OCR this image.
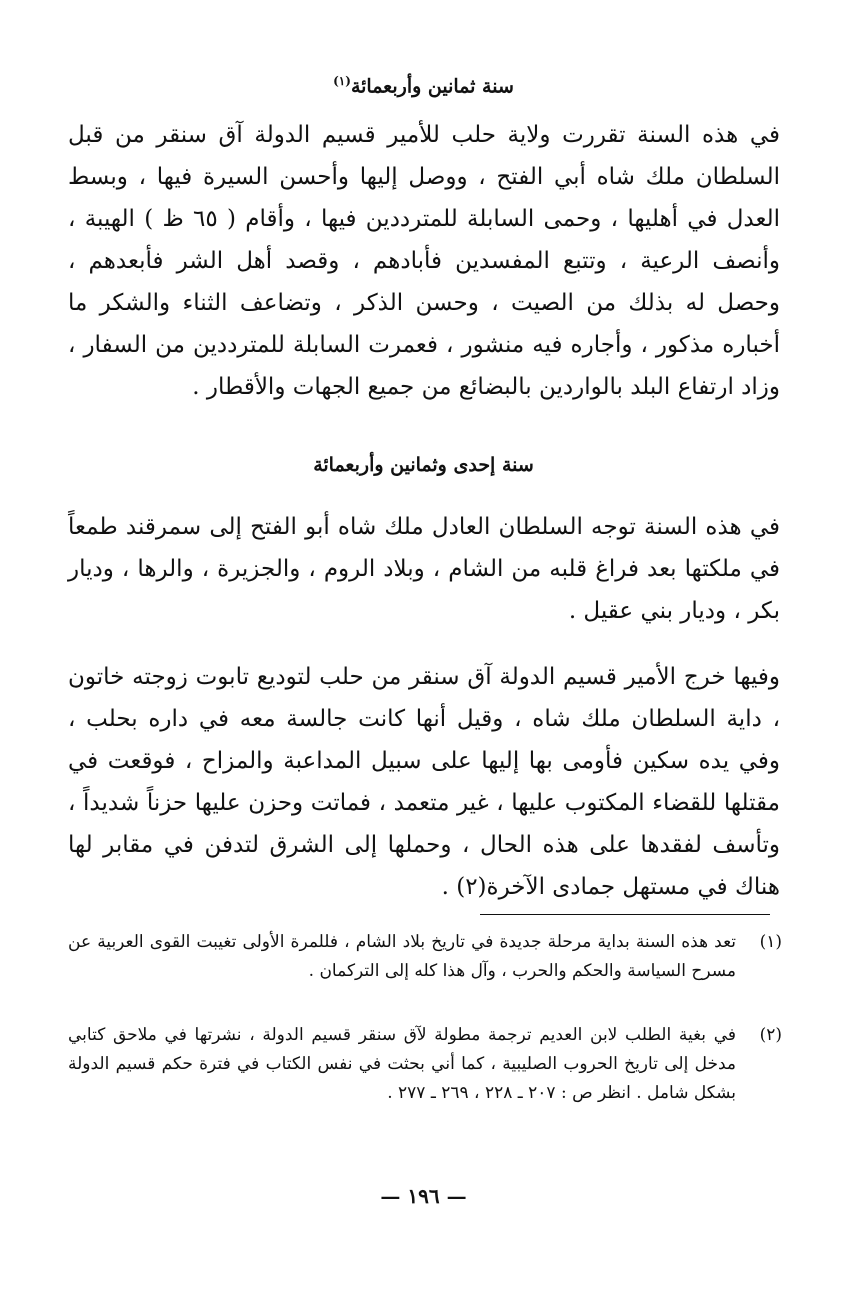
سنة ثمانين وأربعمائة$^{(١)}$

في هذه السنة تقررت ولاية حلب للأمير قسيم الدولة آق سنقر من قبل السلطان ملك شاه أبي الفتح ، ووصل إليها وأحسن السيرة فيها ، وبسط العدل في أهليها ، وحمى السابلة للمترددين فيها ، وأقام ( ٦٥ ظ ) الهيبة ، وأنصف الرعية ، وتتبع المفسدين فأبادهم ، وقصد أهل الشر فأبعدهم ، وحصل له بذلك من الصيت ، وحسن الذكر ، وتضاعف الثناء والشكر ما أخباره مذكور ، وأجاره فيه منشور ، فعمرت السابلة للمترددين من السفار ، وزاد ارتفاع البلد بالواردين بالبضائع من جميع الجهات والأقطار .

سنة إحدى وثمانين وأربعمائة

في هذه السنة توجه السلطان العادل ملك شاه أبو الفتح إلى سمرقند طمعاً في ملكتها بعد فراغ قلبه من الشام ، وبلاد الروم ، والجزيرة ، والرها ، وديار بكر ، وديار بني عقيل .

وفيها خرج الأمير قسيم الدولة آق سنقر من حلب لتوديع تابوت زوجته خاتون ، داية السلطان ملك شاه ، وقيل أنها كانت جالسة معه في داره بحلب ، وفي يده سكين فأومى بها إليها على سبيل المداعبة والمزاح ، فوقعت في مقتلها للقضاء المكتوب عليها ، غير متعمد ، فماتت وحزن عليها حزناً شديداً ، وتأسف لفقدها على هذه الحال ، وحملها إلى الشرق لتدفن في مقابر لها هناك في مستهل جمادى الآخرة(٢) .

(١)
تعد هذه السنة بداية مرحلة جديدة في تاريخ بلاد الشام ، فللمرة الأولى تغيبت القوى العربية عن مسرح السياسة والحكم والحرب ، وآل هذا كله إلى التركمان .
(٢)
في بغية الطلب لابن العديم ترجمة مطولة لآق سنقر قسيم الدولة ، نشرتها في ملاحق كتابي مدخل إلى تاريخ الحروب الصليبية ، كما أني بحثت في نفس الكتاب في فترة حكم قسيم الدولة بشكل شامل . انظر ص : ٢٠٧ ـ ٢٢٨ ، ٢٦٩ ـ ٢٧٧ .
— ١٩٦ —
